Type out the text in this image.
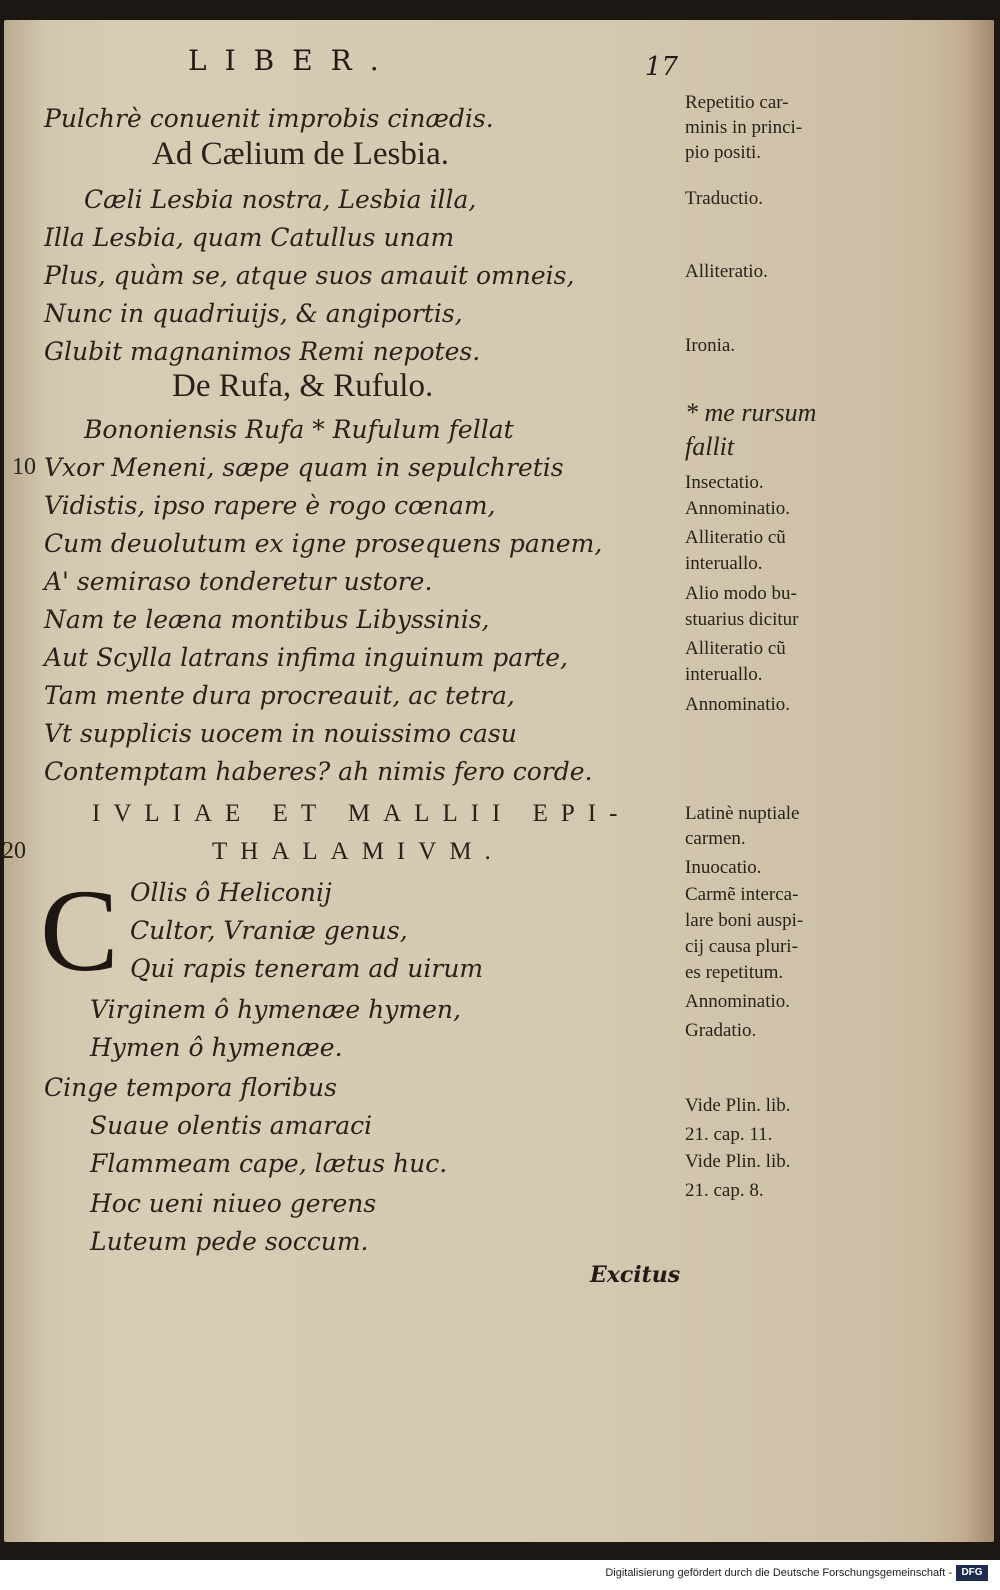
LIBER.	17
Pulchrè conuenit improbis cinædis.
Ad Cælium de Lesbia.
Cæli Lesbia nostra, Lesbia illa,
Illa Lesbia, quam Catullus unam
Plus, quàm se, atque suos amauit omneis,
Nunc in quadriuijs, & angiportis,
Glubit magnanimos Remi nepotes.
De Rufa, & Rufulo.
Bononiensis Rufa * Rufulum fellat
10 Vxor Meneni, sæpe quam in sepulchretis
Vidistis, ipso rapere è rogo cœnam,
Cum deuolutum ex igne prosequens panem,
A' semiraso tonderetur ustore.
Nam te leæna montibus Libyssinis,
Aut Scylla latrans infima inguinum parte,
Tam mente dura procreauit, ac tetra,
Vt supplicis uocem in nouissimo casu
Contemptam haberes? ah nimis fero corde.
IVLIAE ET MALLII EPI-
20	THALAMIVM.
C Ollis ô Heliconij
Cultor, Vraniæ genus,
Qui rapis teneram ad uirum
Virginem ô hymenæe hymen,
Hymen ô hymenæe.
Cinge tempora floribus
Suaue olentis amaraci
Flammeam cape, lætus huc.
Hoc ueni niueo gerens
Luteum pede soccum.
Repetitio car-
minis in princi-
pio positi.
Traductio.
Alliteratio.
Ironia.
* me rursum
fallit
Insectatio.
Annominatio.
Alliteratio cũ
interuallo.
Alio modo bu-
stuarius dicitur
Alliteratio cũ
interuallo.
Annominatio.
Latinè nuptiale
carmen.
Inuocatio.
Carmẽ interca-
lare boni auspi-
cij causa pluri-
es repetitum.
Annominatio.
Gradatio.
Vide Plin. lib.
21. cap. 11.
Vide Plin. lib.
21. cap. 8.
Excitus
Digitalisierung gefördert durch die Deutsche Forschungsgemeinschaft - DFG
